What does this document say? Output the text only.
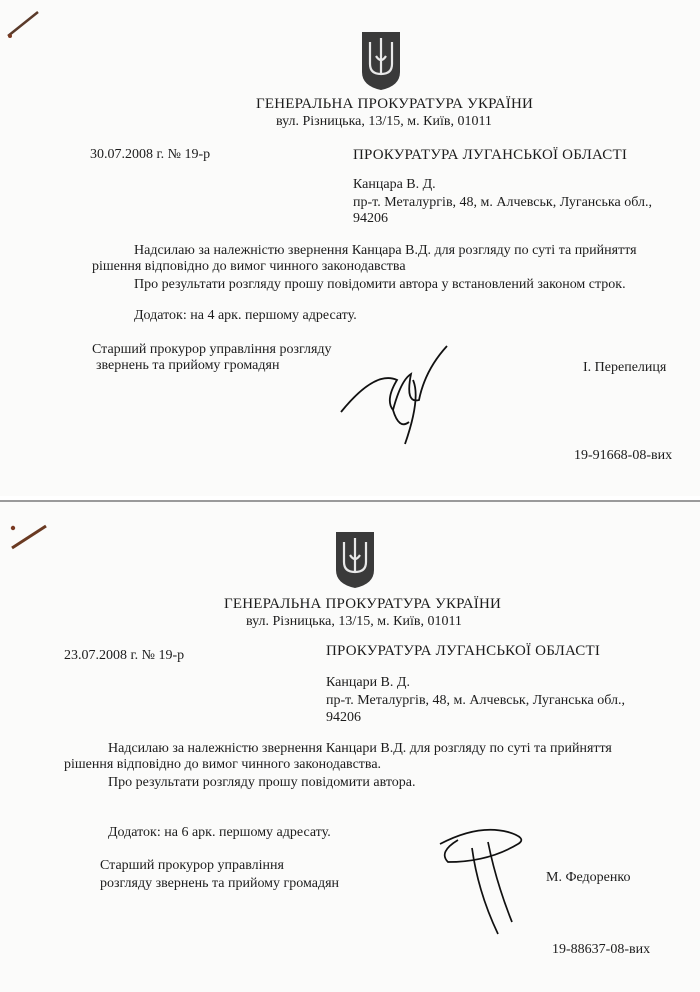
ГЕНЕРАЛЬНА ПРОКУРАТУРА УКРАЇНИ
вул. Різницька, 13/15, м. Київ, 01011
30.07.2008 г. № 19-р	ПРОКУРАТУРА ЛУГАНСЬКОЇ ОБЛАСТІ
Канцара В. Д.
пр-т. Металургів, 48, м. Алчевськ, Луганська обл.,
94206
Надсилаю за належністю звернення Канцара В.Д. для розгляду по суті та прийняття
рішення відповідно до вимог чинного законодавства
Про результати розгляду прошу повідомити автора у встановлений законом строк.
Додаток: на 4 арк. першому адресату.
Старший прокурор управління розгляду
звернень та прийому громадян	І. Перепелиця
19-91668-08-вих
ГЕНЕРАЛЬНА ПРОКУРАТУРА УКРАЇНИ
вул. Різницька, 13/15, м. Київ, 01011
23.07.2008 г. № 19-р	ПРОКУРАТУРА ЛУГАНСЬКОЇ ОБЛАСТІ
Канцари В. Д.
пр-т. Металургів, 48, м. Алчевськ, Луганська обл.,
94206
Надсилаю за належністю звернення Канцари В.Д. для розгляду по суті та прийняття
рішення відповідно до вимог чинного законодавства.
Про результати розгляду прошу повідомити автора.
Додаток: на 6 арк. першому адресату.
Старший прокурор управління
розгляду звернень та прийому громадян	М. Федоренко
19-88637-08-вих
